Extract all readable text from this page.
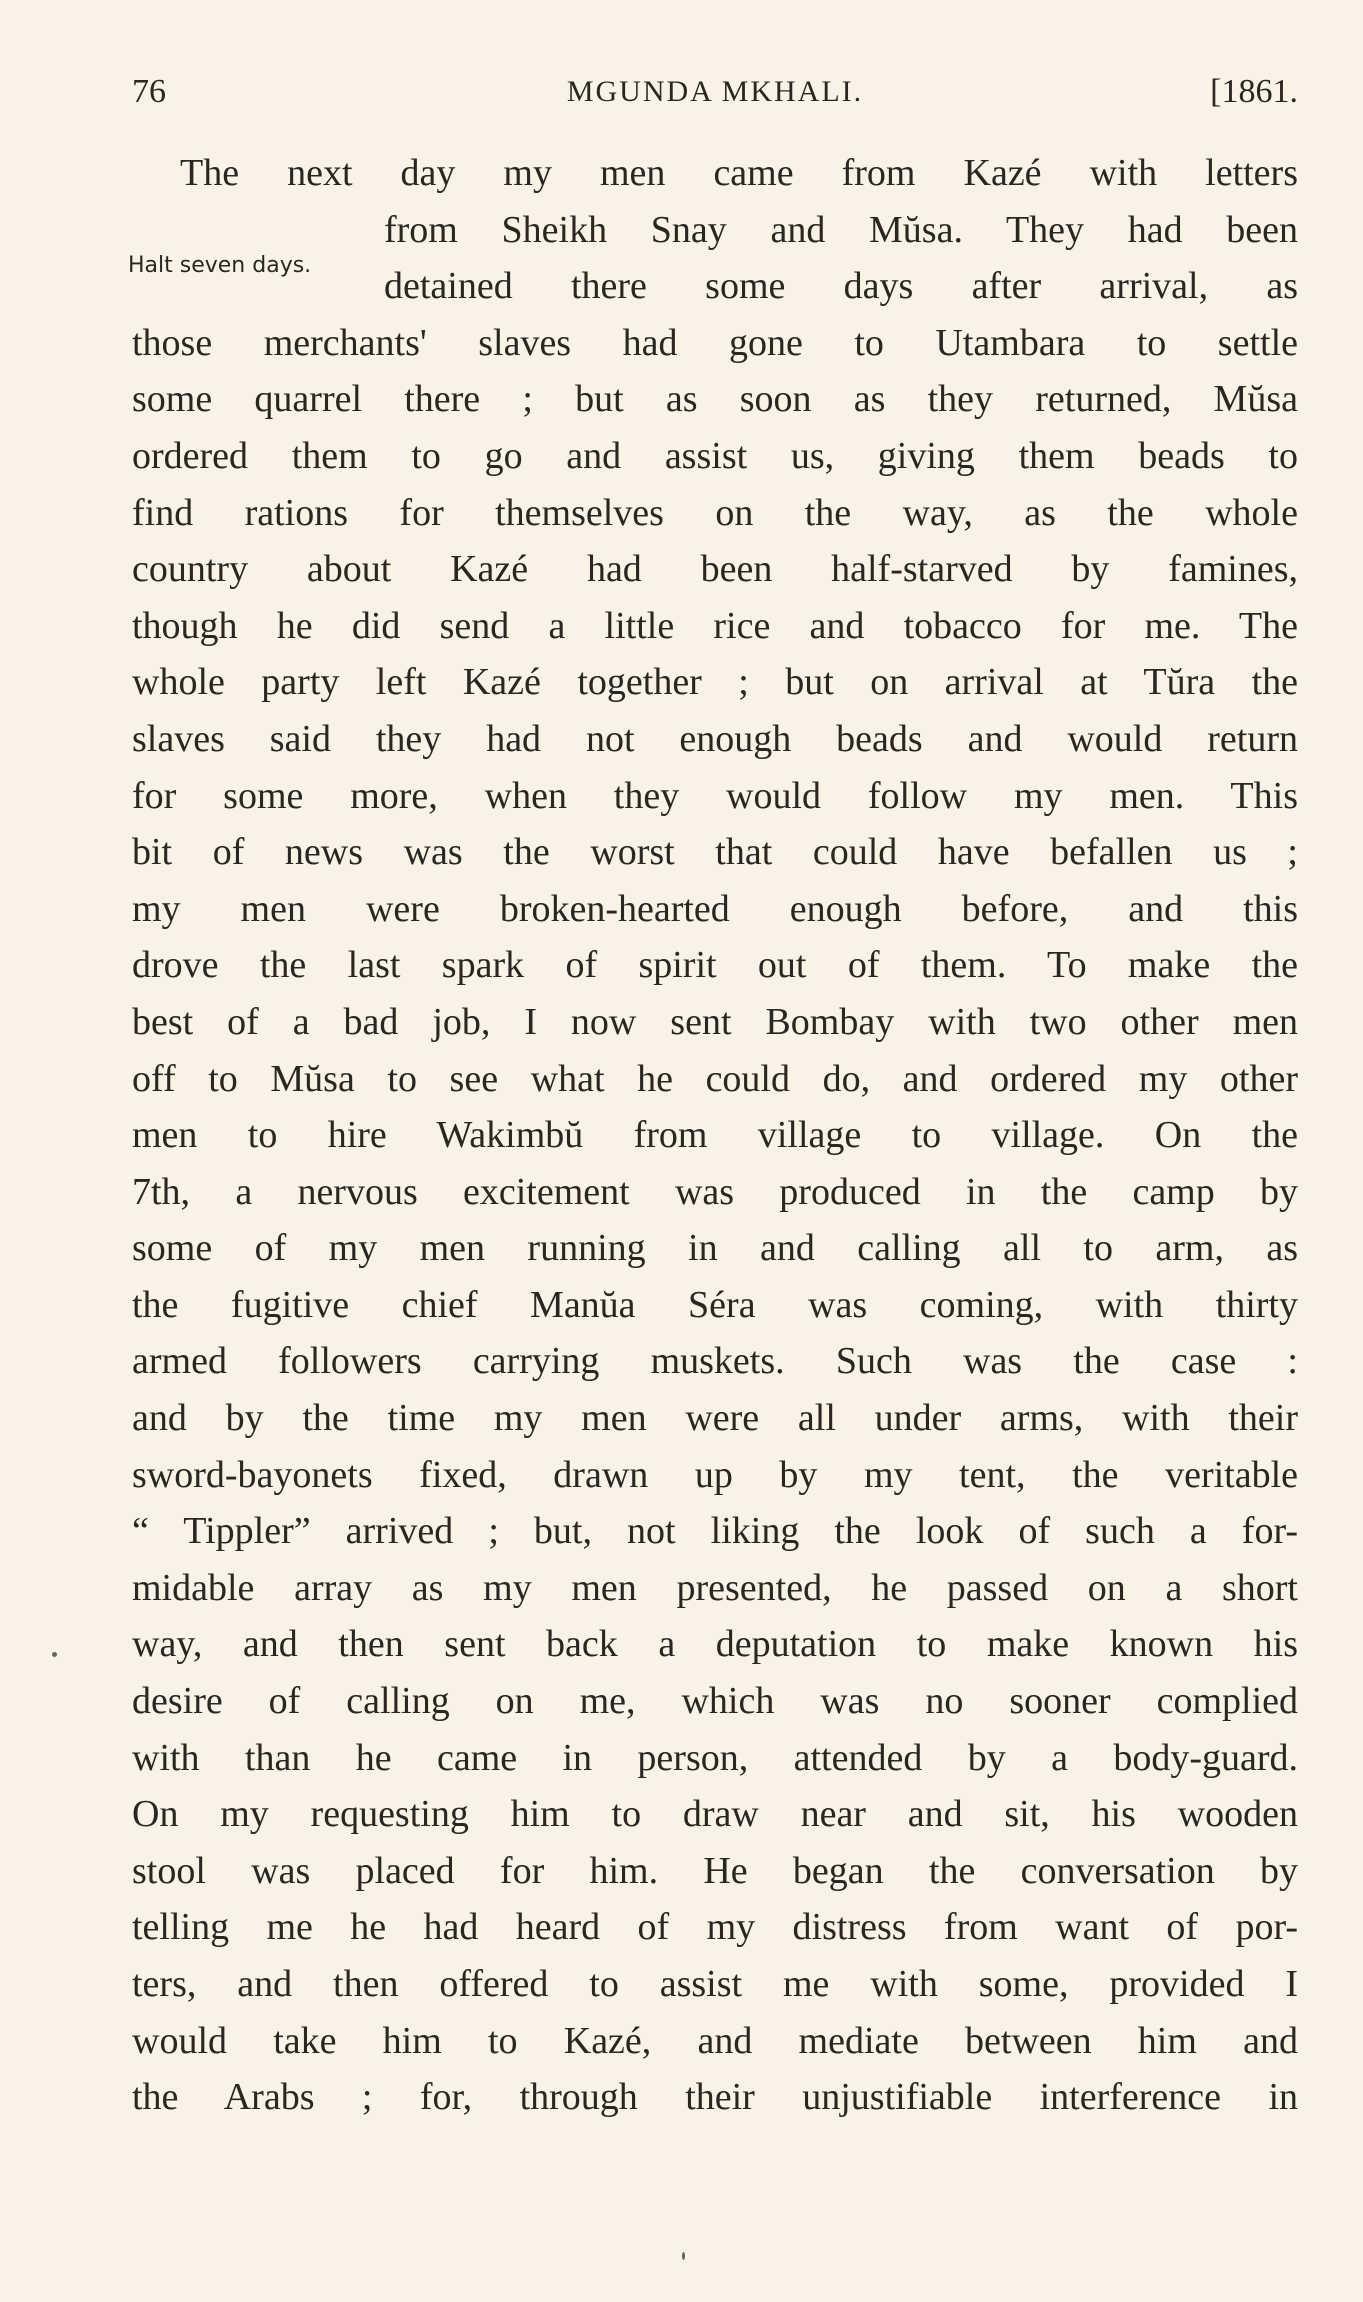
76	MGUNDA MKHALI.	[1861.
Halt seven days.
The next day my men came from Kazé with letters
from Sheikh Snay and Mŭsa. They had been
detained there some days after arrival, as
those merchants' slaves had gone to Utambara to settle
some quarrel there ; but as soon as they returned, Mŭsa
ordered them to go and assist us, giving them beads to
find rations for themselves on the way, as the whole
country about Kazé had been half-starved by famines,
though he did send a little rice and tobacco for me. The
whole party left Kazé together ; but on arrival at Tŭra the
slaves said they had not enough beads and would return
for some more, when they would follow my men. This
bit of news was the worst that could have befallen us ;
my men were broken-hearted enough before, and this
drove the last spark of spirit out of them. To make the
best of a bad job, I now sent Bombay with two other men
off to Mŭsa to see what he could do, and ordered my other
men to hire Wakimbŭ from village to village. On the
7th, a nervous excitement was produced in the camp by
some of my men running in and calling all to arm, as
the fugitive chief Manŭa Séra was coming, with thirty
armed followers carrying muskets. Such was the case :
and by the time my men were all under arms, with their
sword-bayonets fixed, drawn up by my tent, the veritable
“ Tippler” arrived ; but, not liking the look of such a for-
midable array as my men presented, he passed on a short
way, and then sent back a deputation to make known his
desire of calling on me, which was no sooner complied
with than he came in person, attended by a body-guard.
On my requesting him to draw near and sit, his wooden
stool was placed for him. He began the conversation by
telling me he had heard of my distress from want of por-
ters, and then offered to assist me with some, provided I
would take him to Kazé, and mediate between him and
the Arabs ; for, through their unjustifiable interference in
